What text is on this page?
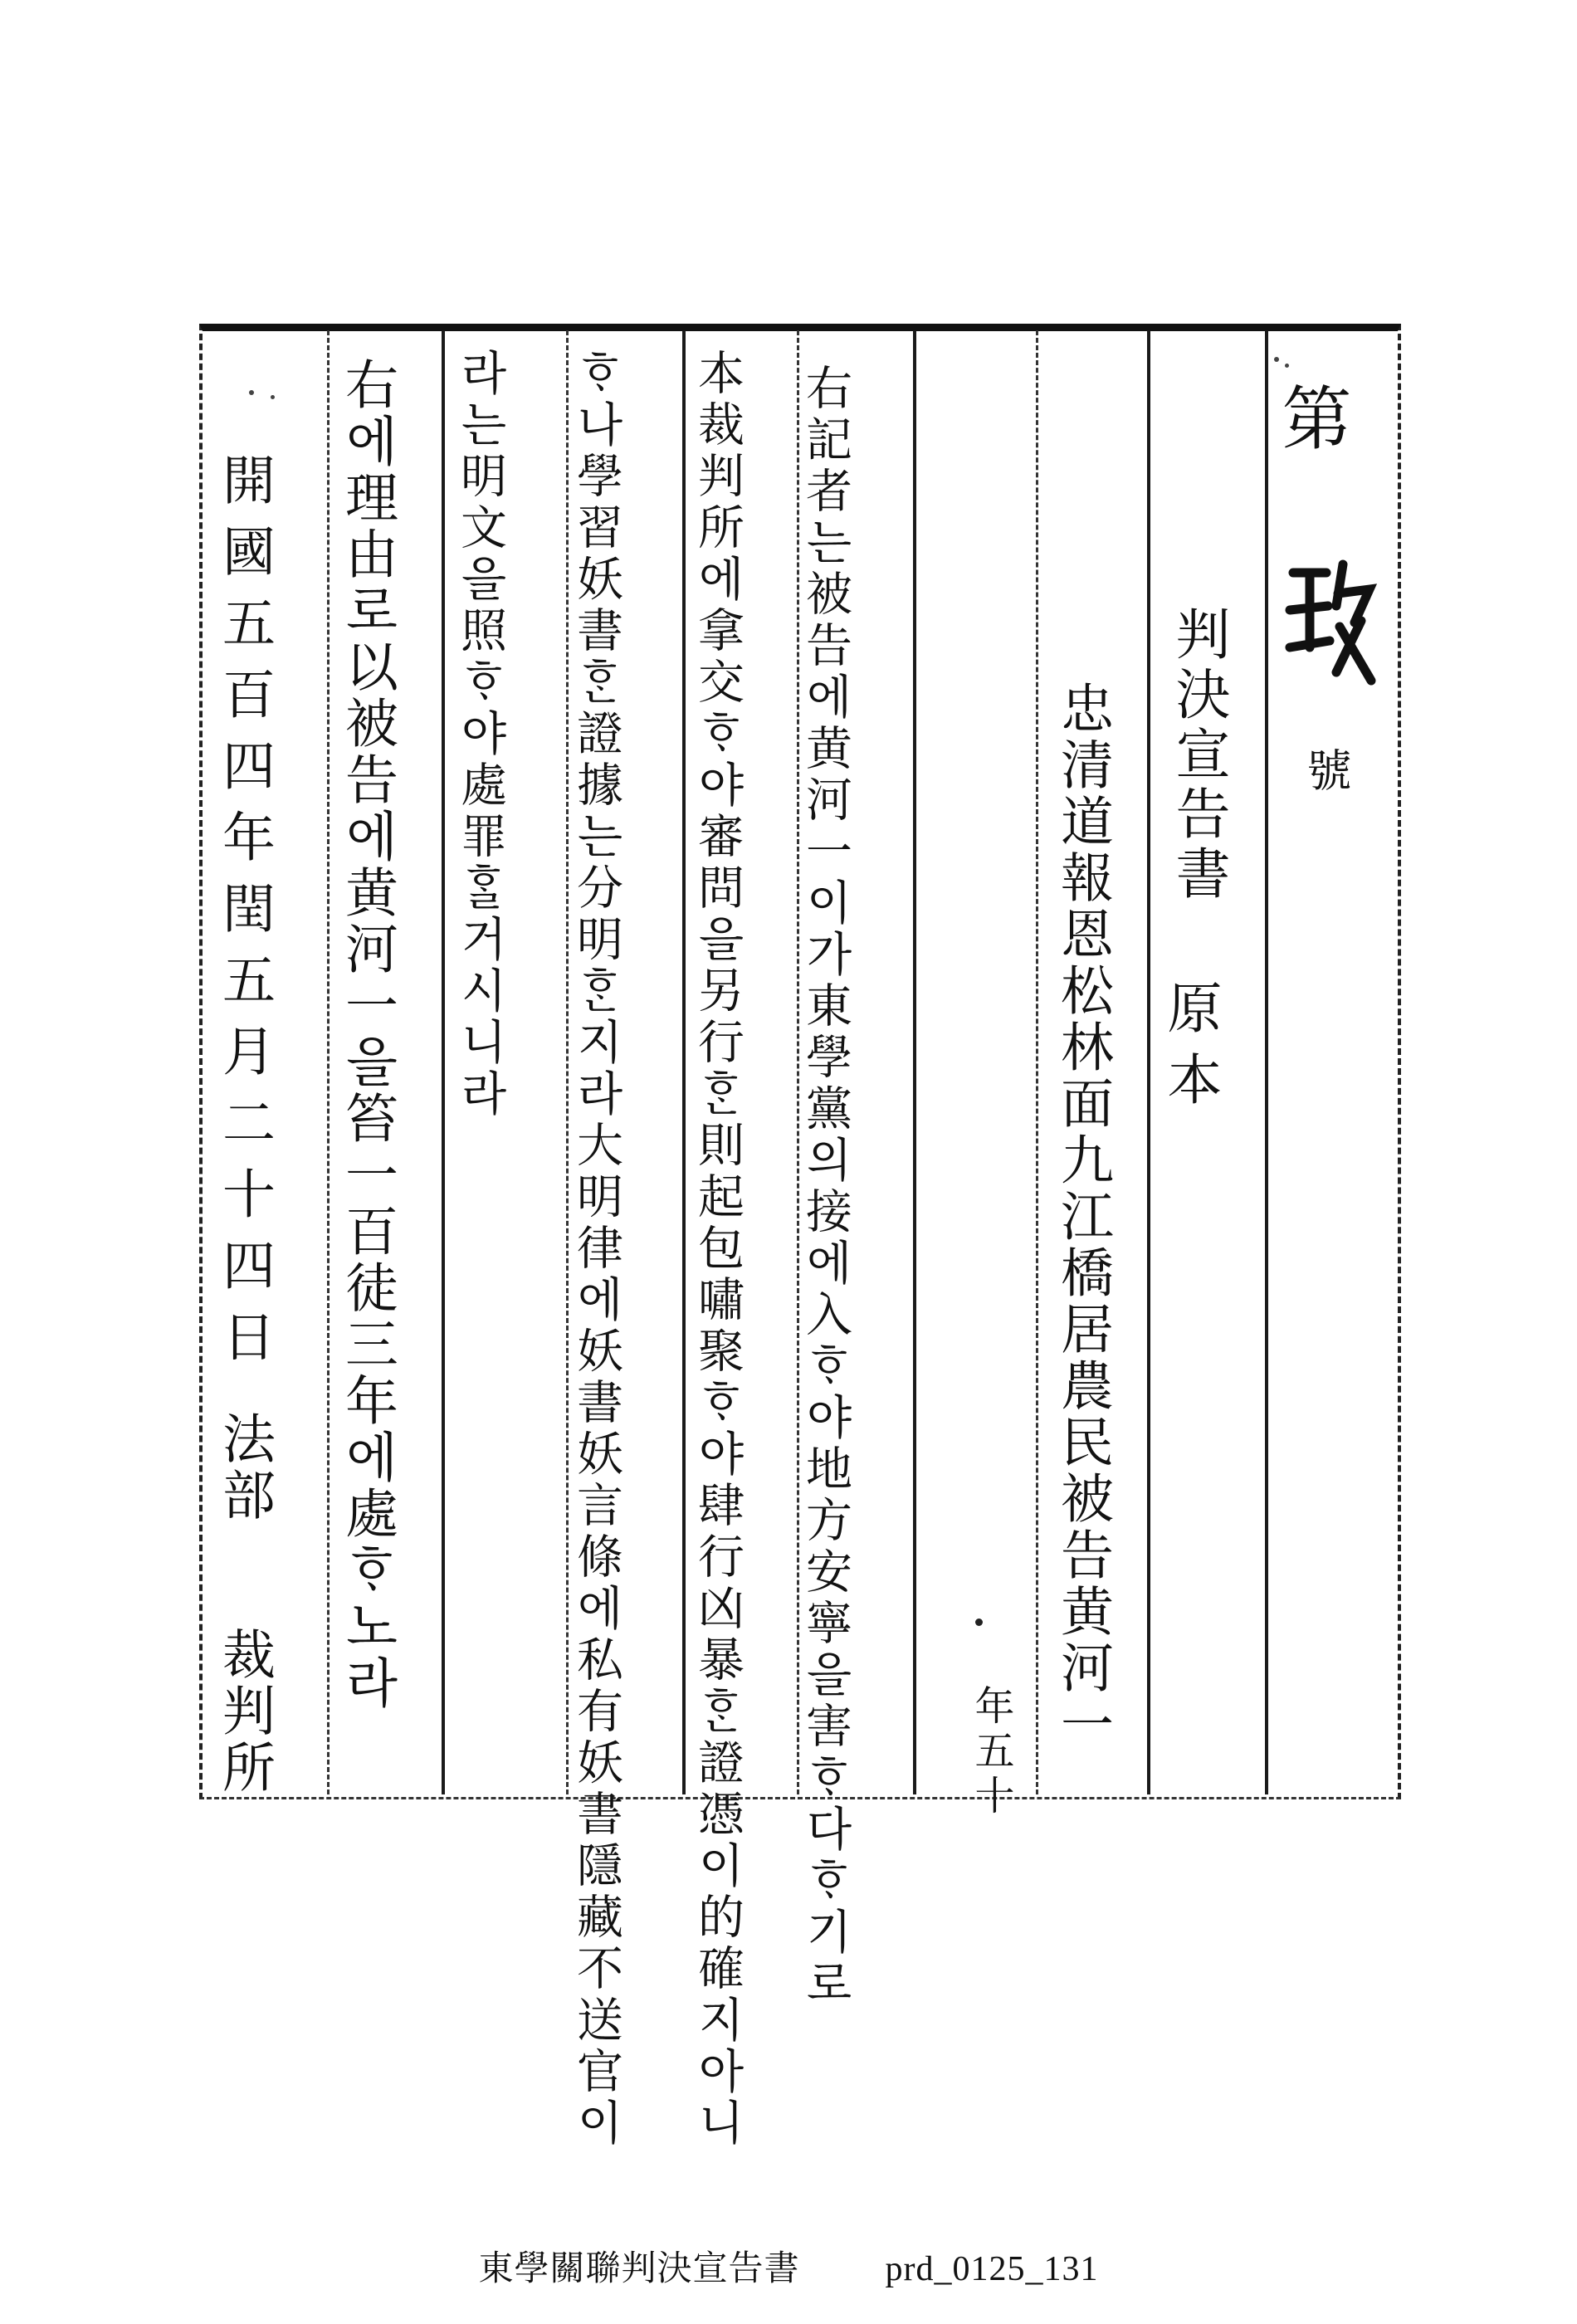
第
號
判決宣告書
原本
忠清道報恩松林面九江橋居農民被告黄河一
年五十
右記者는被告에黄河一이가東學黨의接에入ᄒᆞ야地方安寧을害ᄒᆞ다ᄒᆞ기로
本裁判所에拿交ᄒᆞ야審問을另行ᄒᆞᆫ則起包嘯聚ᄒᆞ야肆行凶暴ᄒᆞᆫ證憑이的確지아니
ᄒᆞ나學習妖書ᄒᆞᆫ證據는分明ᄒᆞᆫ지라大明律에妖書妖言條에私有妖書隱藏不送官이
라는明文을照ᄒᆞ야處罪ᄒᆞᆯ거시니라
右에理由로以被告에黄河一을笞一百徒三年에處ᄒᆞ노라
開國五百四年閏五月二十四日
法部
裁判所
東學關聯判決宣告書 prd_0125_131
